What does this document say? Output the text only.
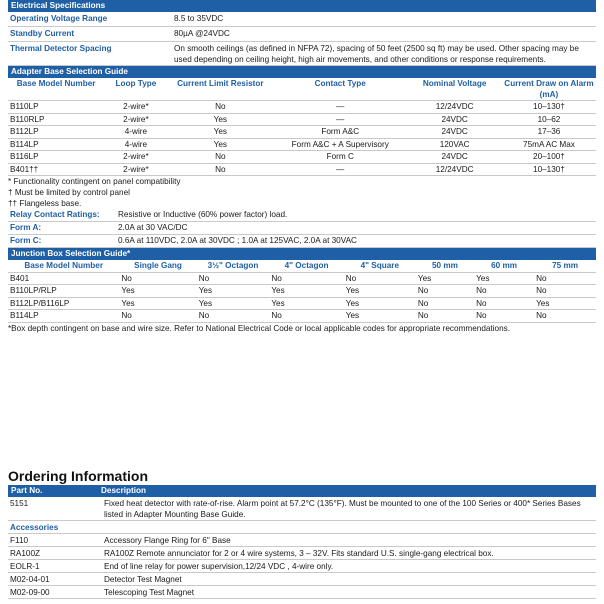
Electrical Specifications
Operating Voltage Range	8.5 to 35VDC
Standby Current	80µA @24VDC
Thermal Detector Spacing	On smooth ceilings (as defined in NFPA 72), spacing of 50 feet (2500 sq ft) may be used. Other spacing may be used depending on ceiling height, high air movements, and other conditions or response requirements.
Adapter Base Selection Guide
Base Model Number	Loop Type	Current Limit Resistor	Contact Type	Nominal Voltage	Current Draw on Alarm (mA)
B110LP	2-wire*	No	—	12/24VDC	10–130†
B110RLP	2-wire*	Yes	—	24VDC	10–62
B112LP	4-wire	Yes	Form A&C	24VDC	17–36
B114LP	4-wire	Yes	Form A&C + A Supervisory	120VAC	75mA AC Max
B116LP	2-wire*	No	Form C	24VDC	20–100†
B401††	2-wire*	No	—	12/24VDC	10–130†
* Functionality contingent on panel compatibility
† Must be limited by control panel
†† Flangeless base.
Relay Contact Ratings:	Resistive or Inductive (60% power factor) load.
Form A:	2.0A at 30 VAC/DC
Form C:	0.6A at 110VDC, 2.0A at 30VDC ; 1.0A at 125VAC, 2.0A at 30VAC
Junction Box Selection Guide*
Base Model Number	Single Gang	3½" Octagon	4" Octagon	4" Square	50 mm	60 mm	75 mm
B401	No	No	No	No	Yes	Yes	No
B110LP/RLP	Yes	Yes	Yes	Yes	No	No	No
B112LP/B116LP	Yes	Yes	Yes	Yes	No	No	Yes
B114LP	No	No	No	Yes	No	No	No
*Box depth contingent on base and wire size. Refer to National Electrical Code or local applicable codes for appropriate recommendations.
Ordering Information
Part No.	Description
5151	Fixed heat detector with rate-of-rise. Alarm point at 57.2°C (135°F). Must be mounted to one of the 100 Series or 400* Series Bases listed in Adapter Mounting Base Guide.
Accessories
F110	Accessory Flange Ring for 6" Base
RA100Z	RA100Z Remote annunciator for 2 or 4 wire systems, 3 – 32V. Fits standard U.S. single-gang electrical box.
EOLR-1	End of line relay for power supervision,12/24 VDC , 4-wire only.
M02-04-01	Detector Test Magnet
M02-09-00	Telescoping Test Magnet
